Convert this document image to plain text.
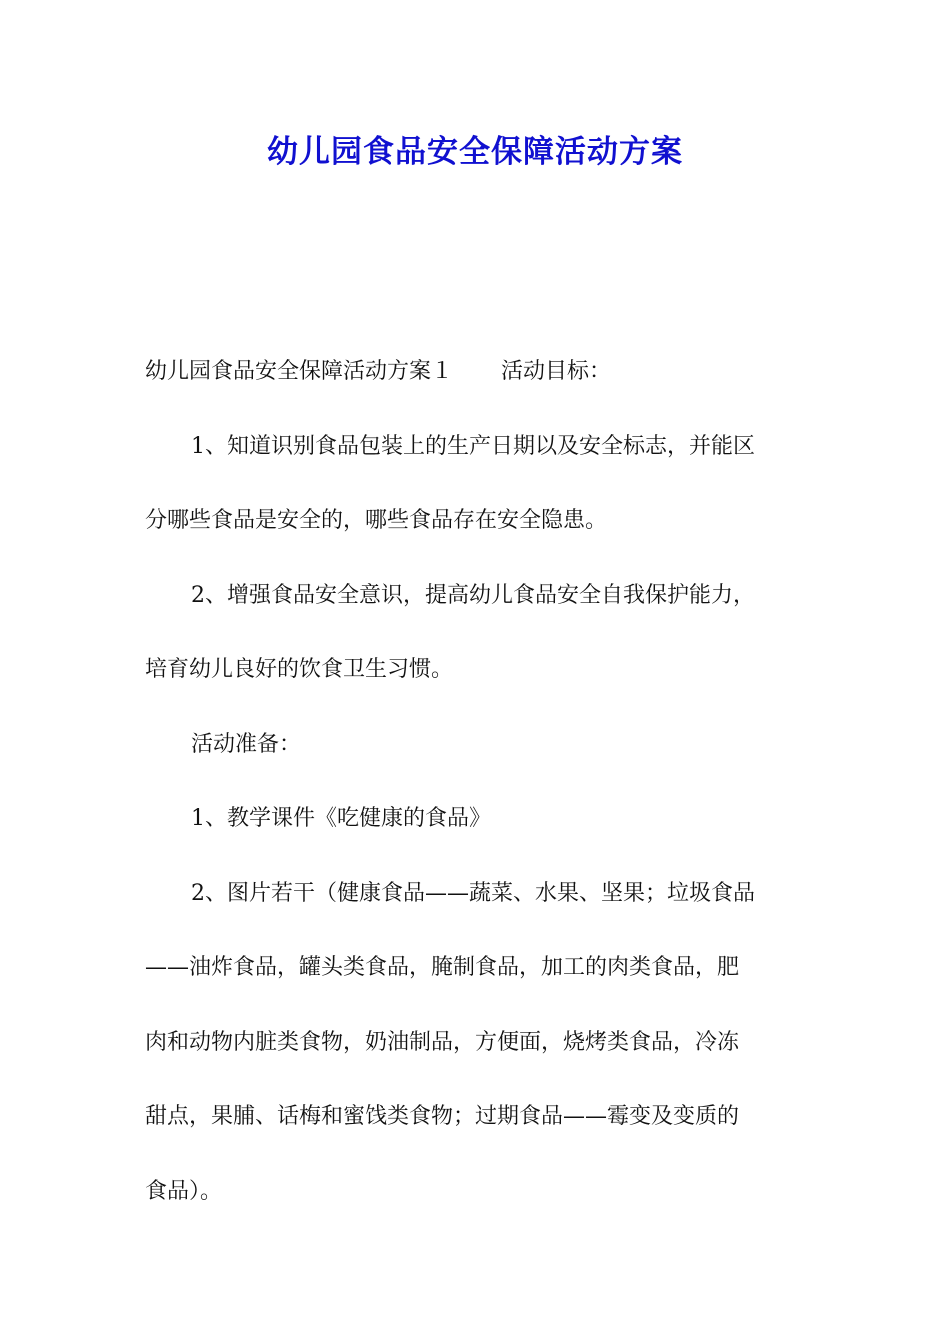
幼儿园食品安全保障活动方案
幼儿园食品安全保障活动方案１ 活动目标：
1、知道识别食品包装上的生产日期以及安全标志，并能区
分哪些食品是安全的，哪些食品存在安全隐患。
2、增强食品安全意识，提高幼儿食品安全自我保护能力，
培育幼儿良好的饮食卫生习惯。
活动准备：
1、教学课件《吃健康的食品》
2、图片若干（健康食品——蔬菜、水果、坚果；垃圾食品
——油炸食品，罐头类食品，腌制食品，加工的肉类食品，肥
肉和动物内脏类食物，奶油制品，方便面，烧烤类食品，冷冻
甜点，果脯、话梅和蜜饯类食物；过期食品——霉变及变质的
食品）。
